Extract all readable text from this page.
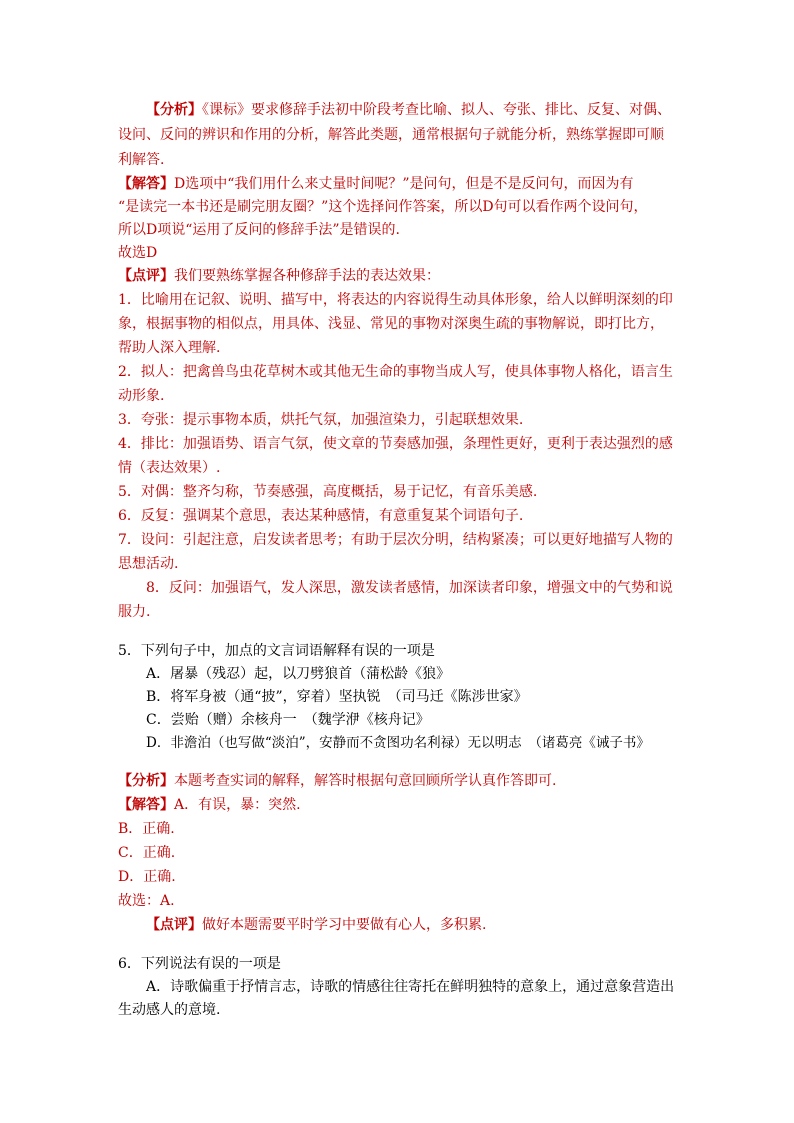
【分析】《课标》要求修辞手法初中阶段考查比喻、拟人、夸张、排比、反复、对偶、
设问、反问的辨识和作用的分析，解答此类题，通常根据句子就能分析，熟练掌握即可顺
利解答.
【解答】D选项中“我们用什么来丈量时间呢？”是问句，但是不是反问句，而因为有
“是读完一本书还是刷完朋友圈？”这个选择问作答案，所以D句可以看作两个设问句，
所以D项说“运用了反问的修辞手法”是错误的.
故选D
【点评】我们要熟练掌握各种修辞手法的表达效果：
1．比喻用在记叙、说明、描写中，将表达的内容说得生动具体形象，给人以鲜明深刻的印
象，根据事物的相似点，用具体、浅显、常见的事物对深奥生疏的事物解说，即打比方，
帮助人深入理解.
2．拟人：把禽兽鸟虫花草树木或其他无生命的事物当成人写，使具体事物人格化，语言生
动形象.
3．夸张：提示事物本质，烘托气氛，加强渲染力，引起联想效果.
4．排比：加强语势、语言气氛，使文章的节奏感加强，条理性更好，更利于表达强烈的感
情（表达效果）.
5．对偶：整齐匀称，节奏感强，高度概括，易于记忆，有音乐美感.
6．反复：强调某个意思，表达某种感情，有意重复某个词语句子.
7．设问：引起注意，启发读者思考；有助于层次分明，结构紧凑；可以更好地描写人物的
思想活动.
8．反问：加强语气，发人深思，激发读者感情，加深读者印象，增强文中的气势和说
服力.
5．下列句子中，加点的文言词语解释有误的一项是
A．屠暴（残忍）起，以刀劈狼首（蒲松龄《狼》
B．将军身被（通“披”，穿着）坚执锐　（司马迁《陈涉世家》
C．尝贻（赠）余核舟一　（魏学洢《核舟记》
D．非澹泊（也写做“淡泊”，安静而不贪图功名利禄）无以明志　（诸葛亮《诫子书》
【分析】本题考查实词的解释，解答时根据句意回顾所学认真作答即可.
【解答】A．有误，暴：突然.
B．正确.
C．正确.
D．正确.
故选：A.
【点评】做好本题需要平时学习中要做有心人，多积累.
6．下列说法有误的一项是
A．诗歌偏重于抒情言志，诗歌的情感往往寄托在鲜明独特的意象上，通过意象营造出
生动感人的意境.
